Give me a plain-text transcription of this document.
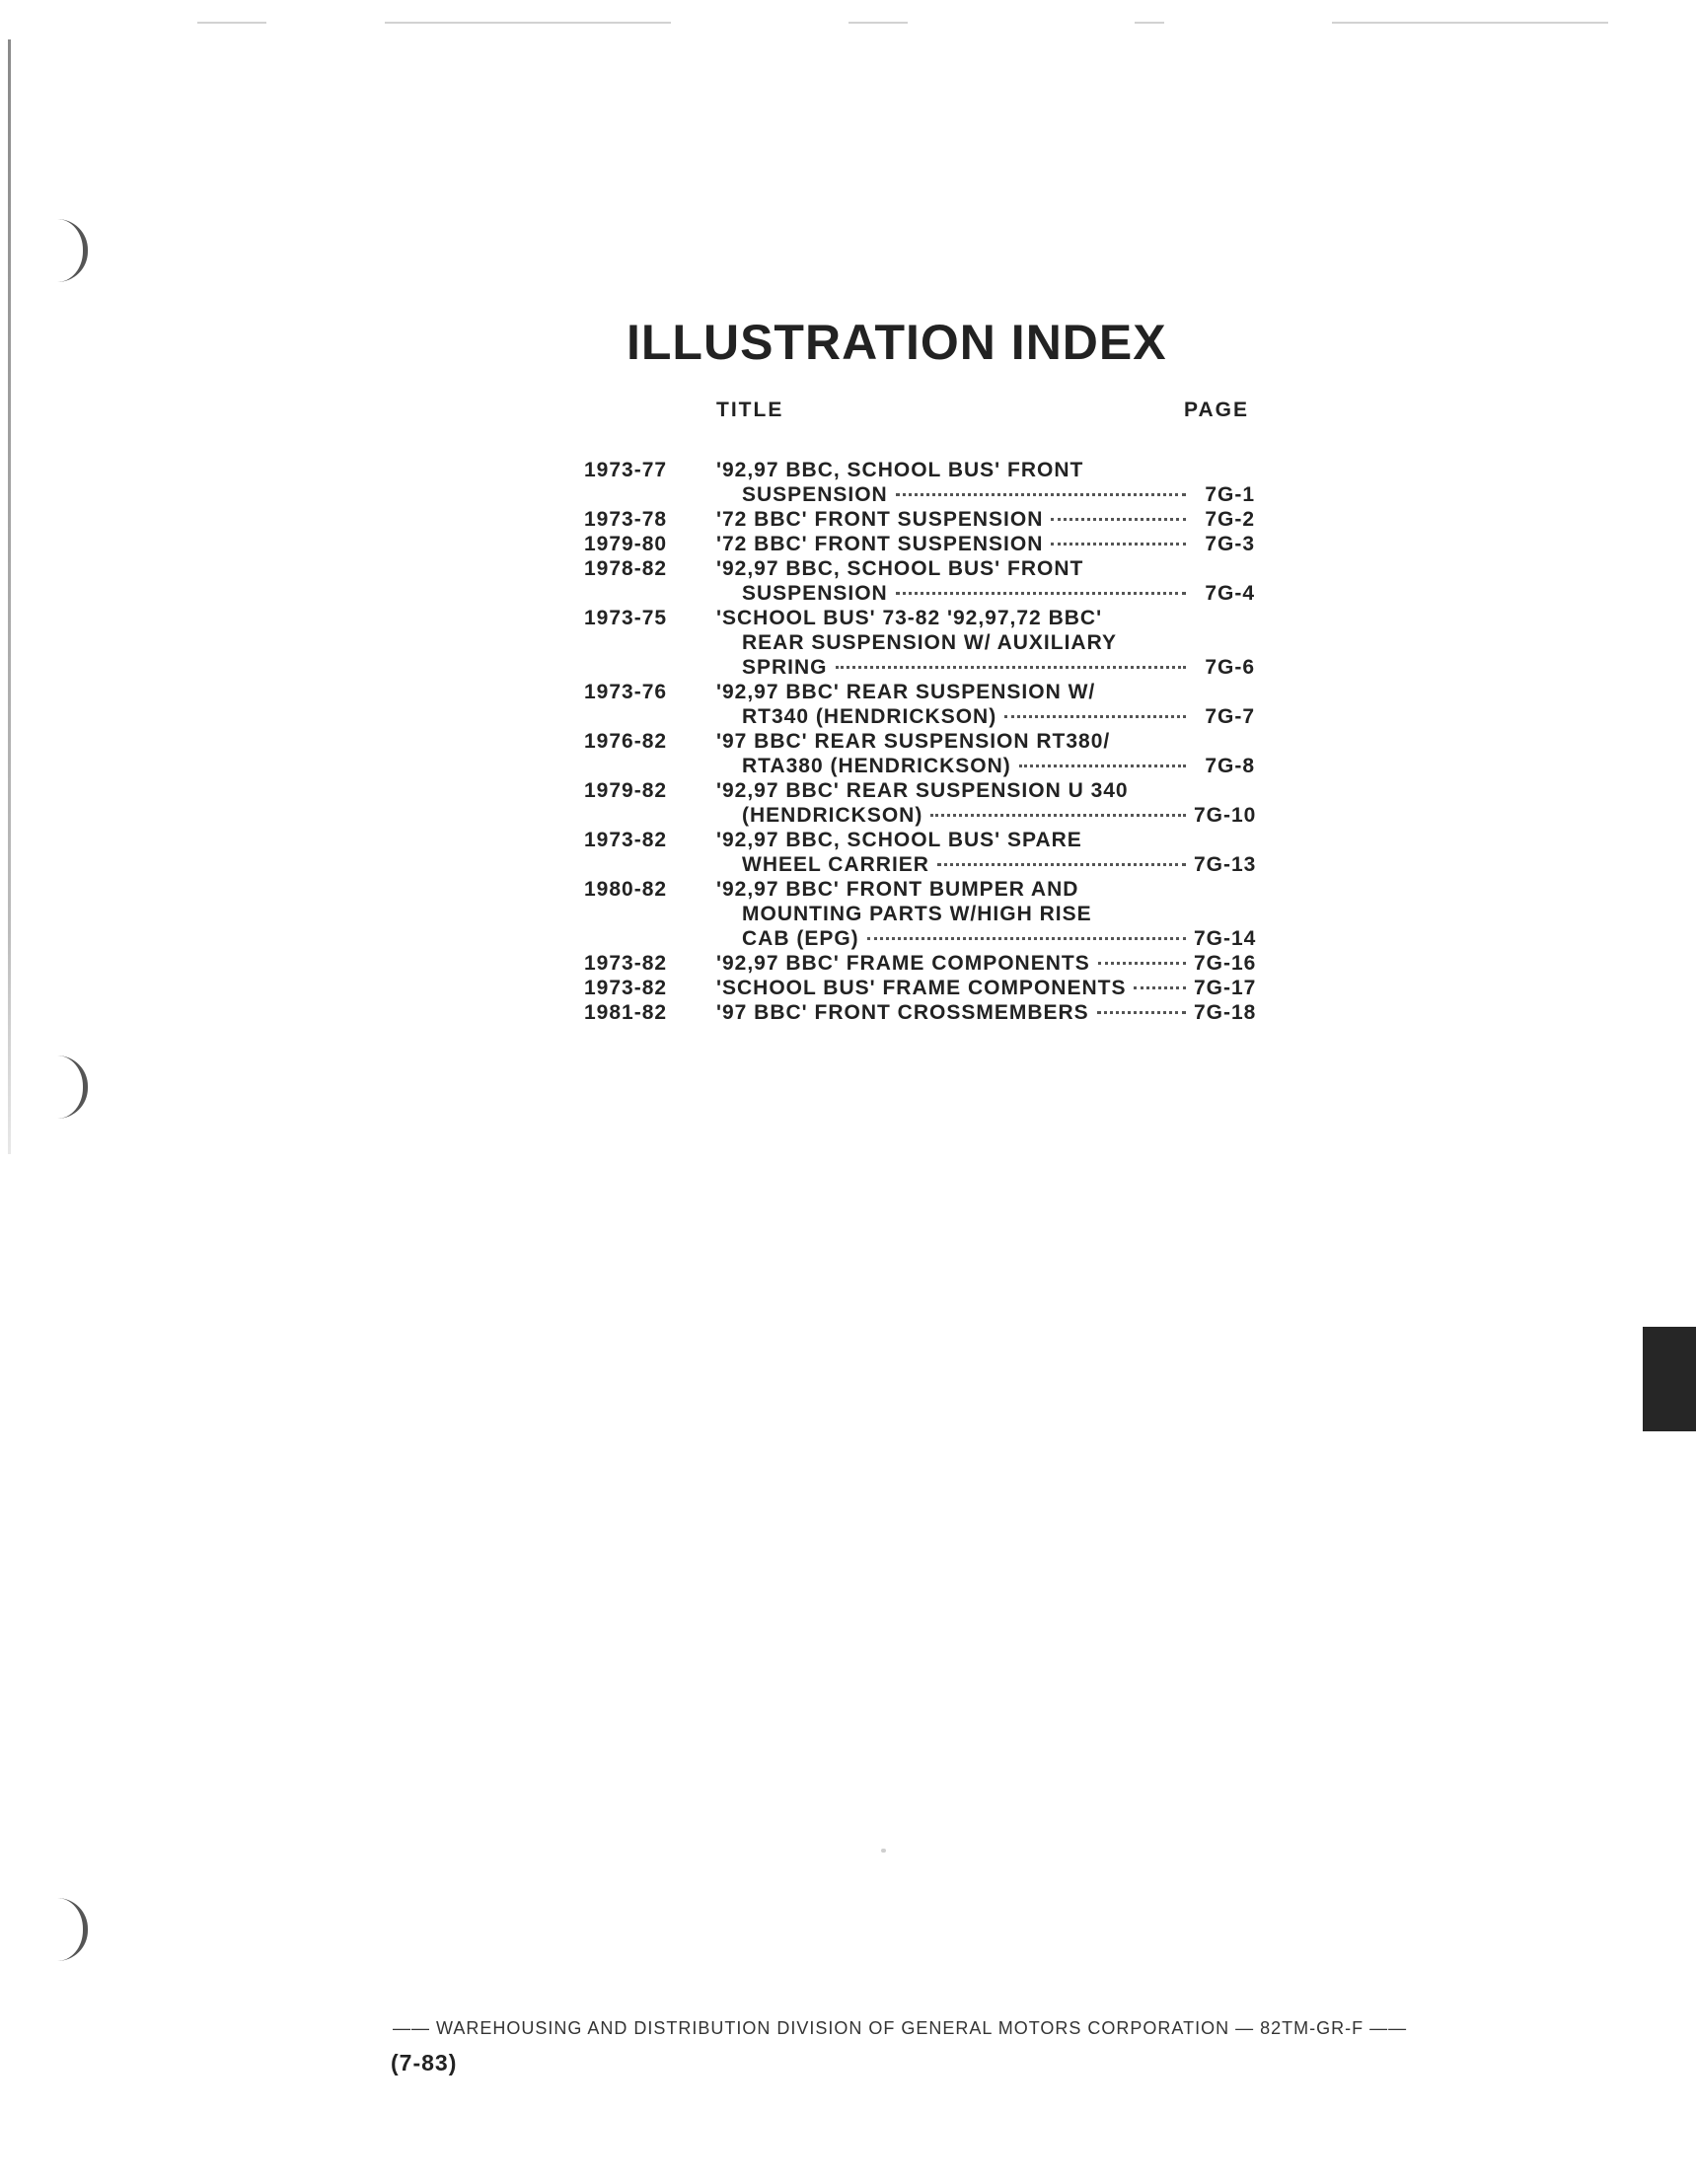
ILLUSTRATION INDEX
TITLE	PAGE
1973-77	'92,97 BBC, SCHOOL BUS' FRONT
SUSPENSION	7G-1
1973-78	'72 BBC' FRONT SUSPENSION	7G-2
1979-80	'72 BBC' FRONT SUSPENSION	7G-3
1978-82	'92,97 BBC, SCHOOL BUS' FRONT
SUSPENSION	7G-4
1973-75	'SCHOOL BUS' 73-82 '92,97,72 BBC'
REAR SUSPENSION W/ AUXILIARY
SPRING	7G-6
1973-76	'92,97 BBC' REAR SUSPENSION W/
RT340 (HENDRICKSON)	7G-7
1976-82	'97 BBC' REAR SUSPENSION RT380/
RTA380 (HENDRICKSON)	7G-8
1979-82	'92,97 BBC' REAR SUSPENSION U 340
(HENDRICKSON)	7G-10
1973-82	'92,97 BBC, SCHOOL BUS' SPARE
WHEEL CARRIER	7G-13
1980-82	'92,97 BBC' FRONT BUMPER AND
MOUNTING PARTS W/HIGH RISE
CAB (EPG)	7G-14
1973-82	'92,97 BBC' FRAME COMPONENTS	7G-16
1973-82	'SCHOOL BUS' FRAME COMPONENTS	7G-17
1981-82	'97 BBC' FRONT CROSSMEMBERS	7G-18
—— WAREHOUSING AND DISTRIBUTION DIVISION OF GENERAL MOTORS CORPORATION — 82TM-GR-F ——
(7-83)
